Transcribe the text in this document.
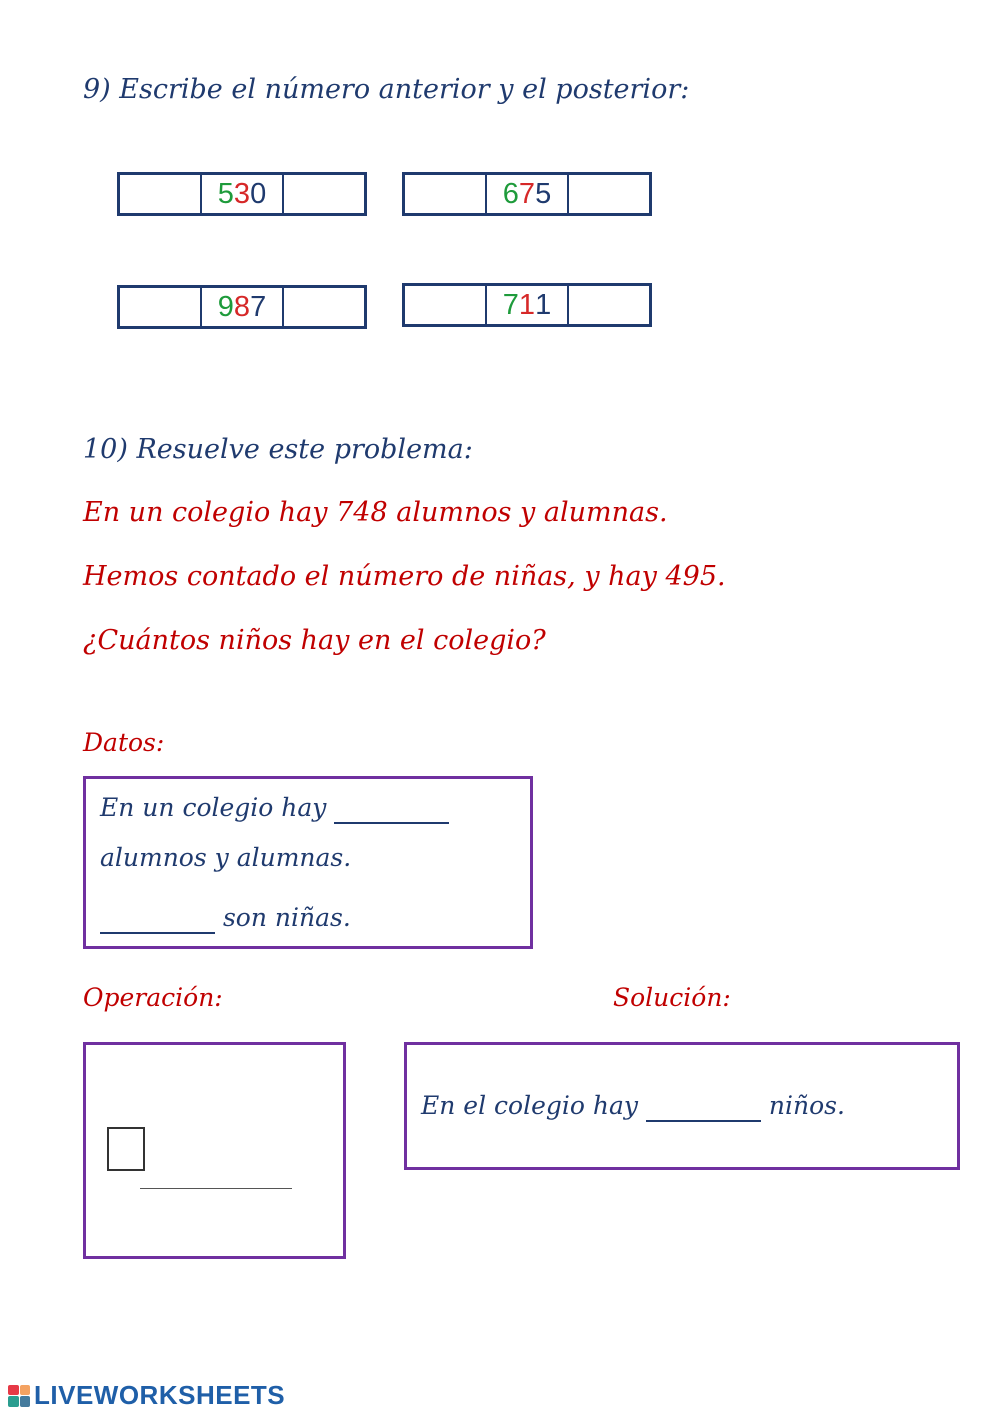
9) Escribe el número anterior y el posterior:
5 3 0	6 7 5
9 8 7	7 1 1
10) Resuelve este problema:
En un colegio hay 748 alumnos y alumnas.
Hemos contado el número de niñas, y hay 495.
¿Cuántos niños hay en el colegio?
Datos:
En un colegio hay
alumnos y alumnas.
son niñas.
Operación:	Solución:
En el colegio hay	niños.
LIVEWORKSHEETS
